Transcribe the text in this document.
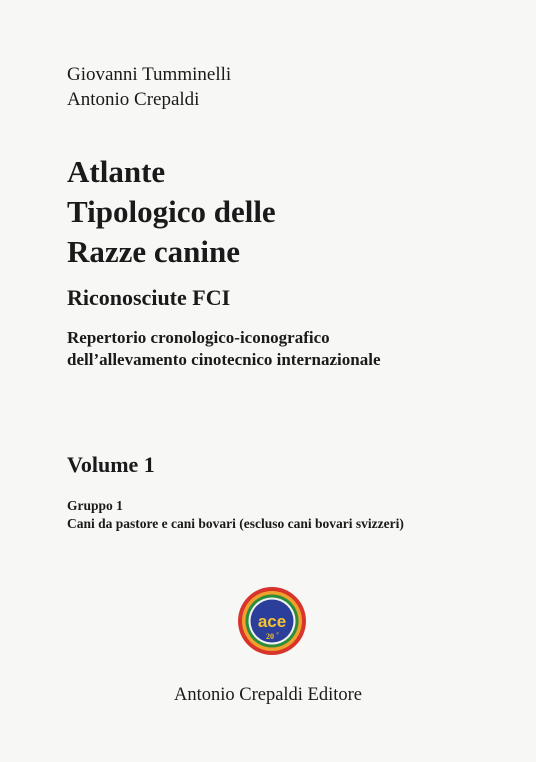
Giovanni Tumminelli
Antonio Crepaldi
Atlante
Tipologico delle
Razze canine
Riconosciute FCI
Repertorio cronologico-iconografico
dell’allevamento cinotecnico internazionale
Volume 1
Gruppo 1
Cani da pastore e cani bovari (escluso cani bovari svizzeri)
ace
20 e
Antonio Crepaldi Editore
